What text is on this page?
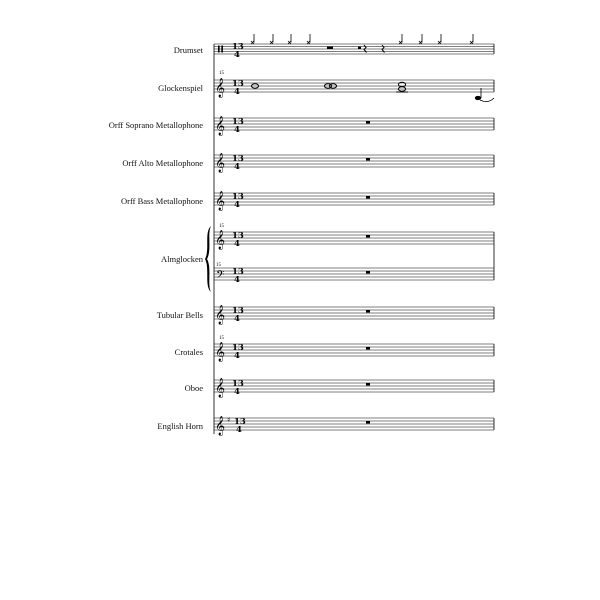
Drumset	13
4
Glockenspiel
15
𝄞 13
4
Orff Soprano Metallophone 𝄞 13
4
Orff Alto Metallophone 𝄞 13
4
Orff Bass Metallophone 𝄞 13
4
Almglocken
15
𝄞 13
4
15
𝄢 13
4
Tubular Bells 𝄞 13
4
Crotales
15
𝄞 13
4
Oboe 𝄞 13
4
English Horn 𝄞 ♯ 13
4
